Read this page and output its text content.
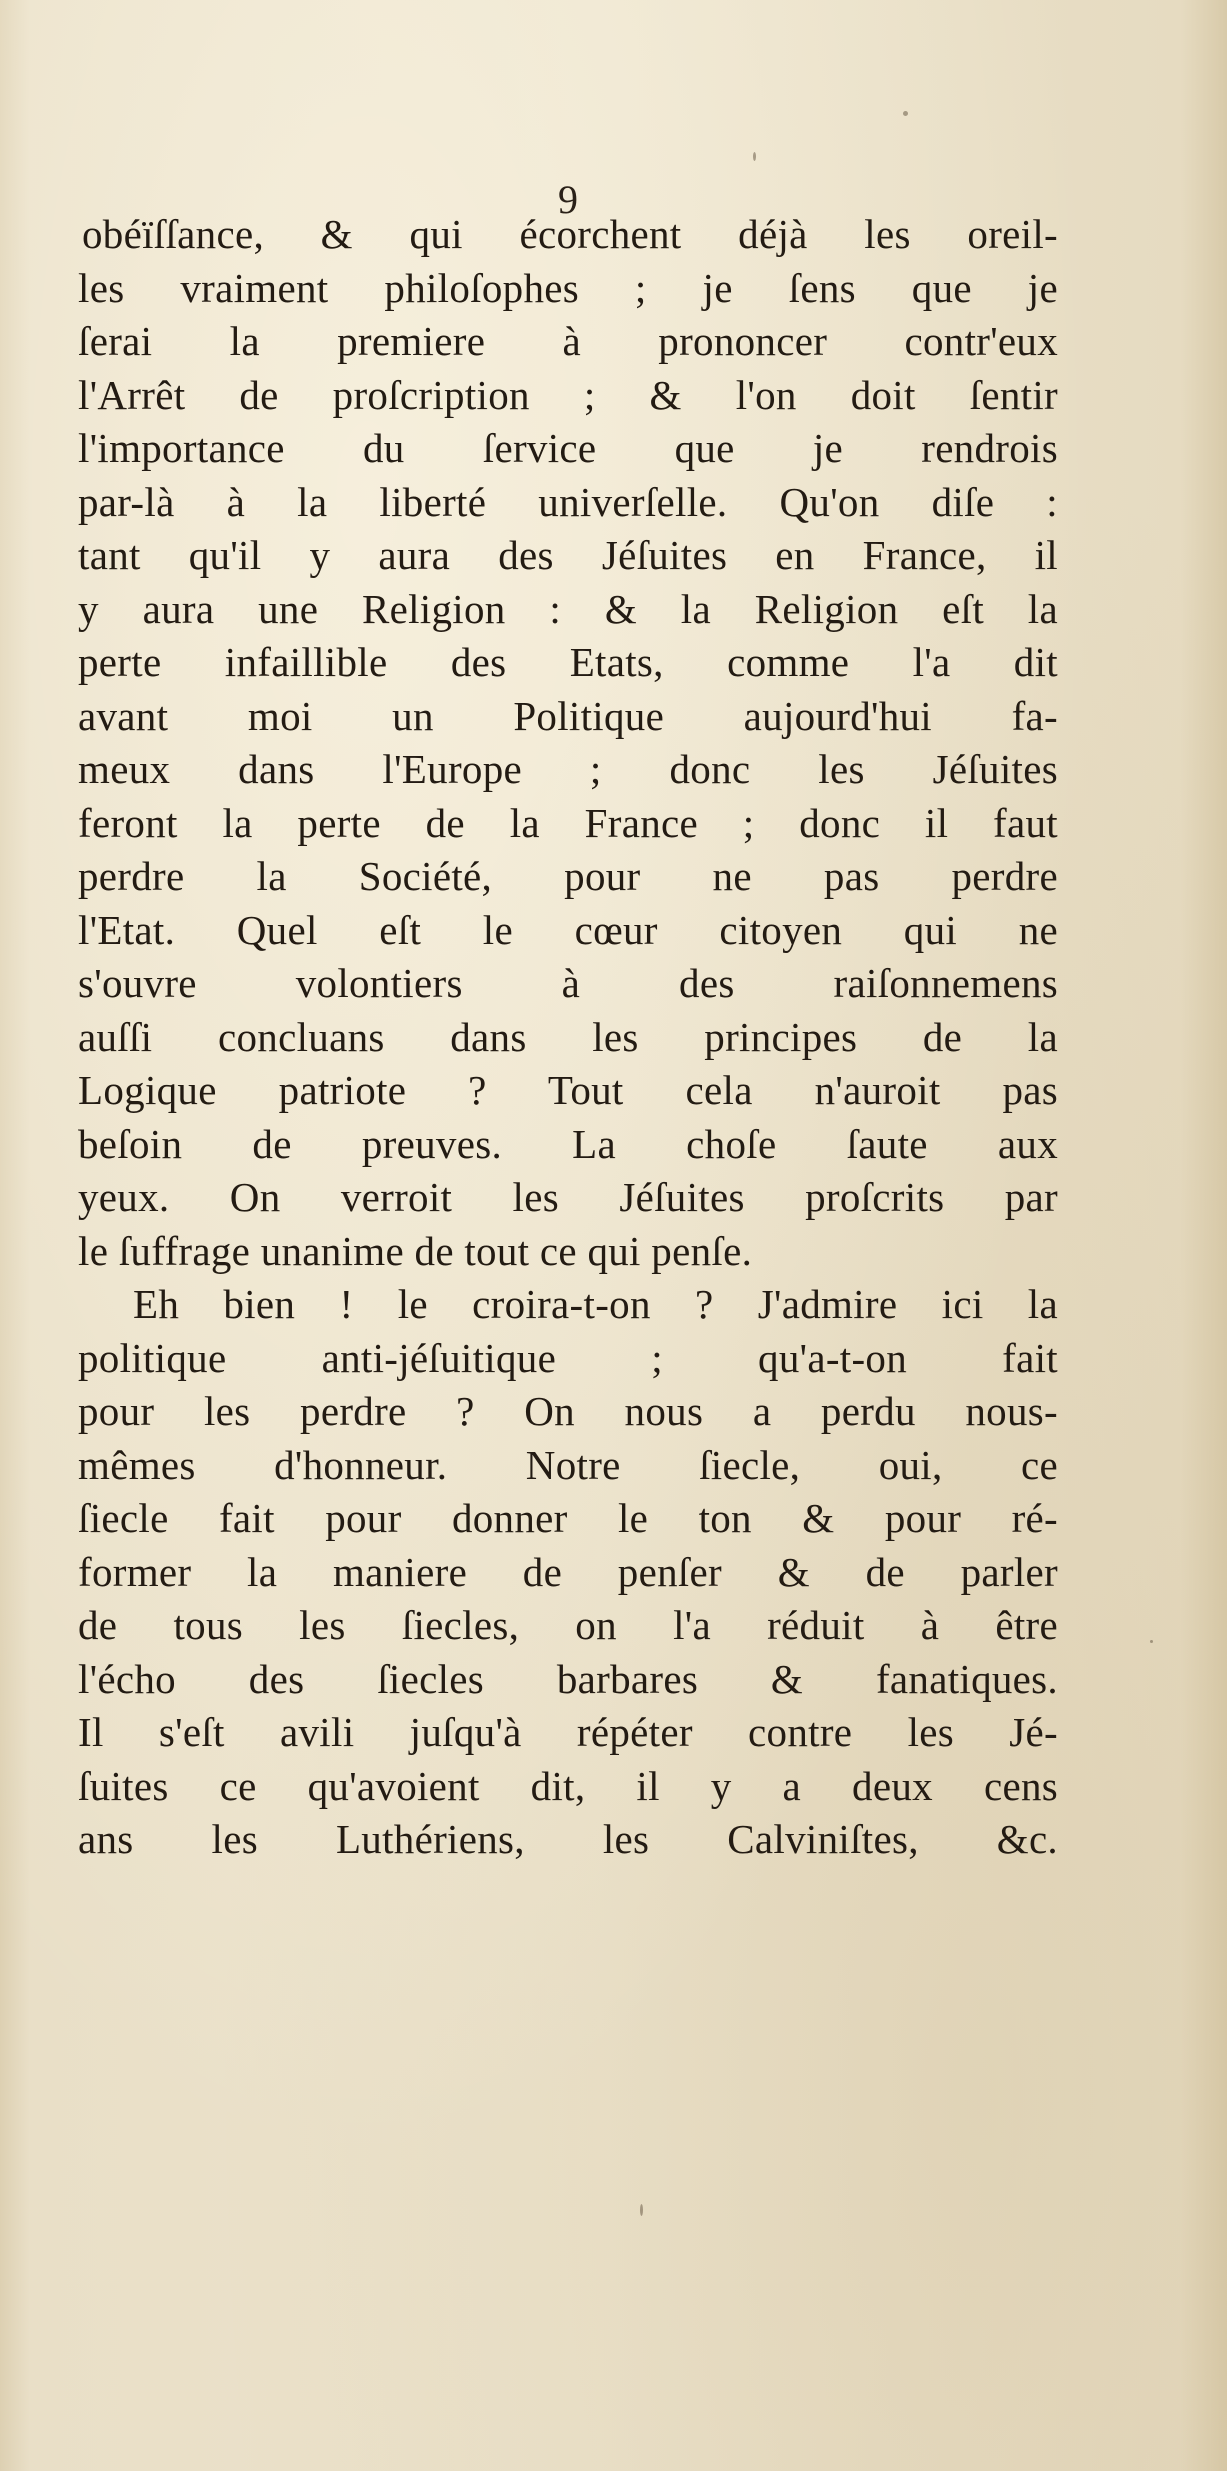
9
obéïſſance, & qui écorchent déjà les oreil-
les vraiment philoſophes ; je ſens que je
ſerai la premiere à prononcer contr'eux
l'Arrêt de proſcription ; & l'on doit ſentir
l'importance du ſervice que je rendrois
par-là à la liberté univerſelle. Qu'on diſe :
tant qu'il y aura des Jéſuites en France, il
y aura une Religion : & la Religion eſt la
perte infaillible des Etats, comme l'a dit
avant moi un Politique aujourd'hui fa-
meux dans l'Europe ; donc les Jéſuites
feront la perte de la France ; donc il faut
perdre la Société, pour ne pas perdre
l'Etat. Quel eſt le cœur citoyen qui ne
s'ouvre volontiers à des raiſonnemens
auſſi concluans dans les principes de la
Logique patriote ? Tout cela n'auroit pas
beſoin de preuves. La choſe ſaute aux
yeux. On verroit les Jéſuites proſcrits par
le ſuffrage unanime de tout ce qui penſe.
Eh bien ! le croira-t-on ? J'admire ici la
politique anti-jéſuitique ; qu'a-t-on fait
pour les perdre ? On nous a perdu nous-
mêmes d'honneur. Notre ſiecle, oui, ce
ſiecle fait pour donner le ton & pour ré-
former la maniere de penſer & de parler
de tous les ſiecles, on l'a réduit à être
l'écho des ſiecles barbares & fanatiques.
Il s'eſt avili juſqu'à répéter contre les Jé-
ſuites ce qu'avoient dit, il y a deux cens
ans les Luthériens, les Calviniſtes, &c.
